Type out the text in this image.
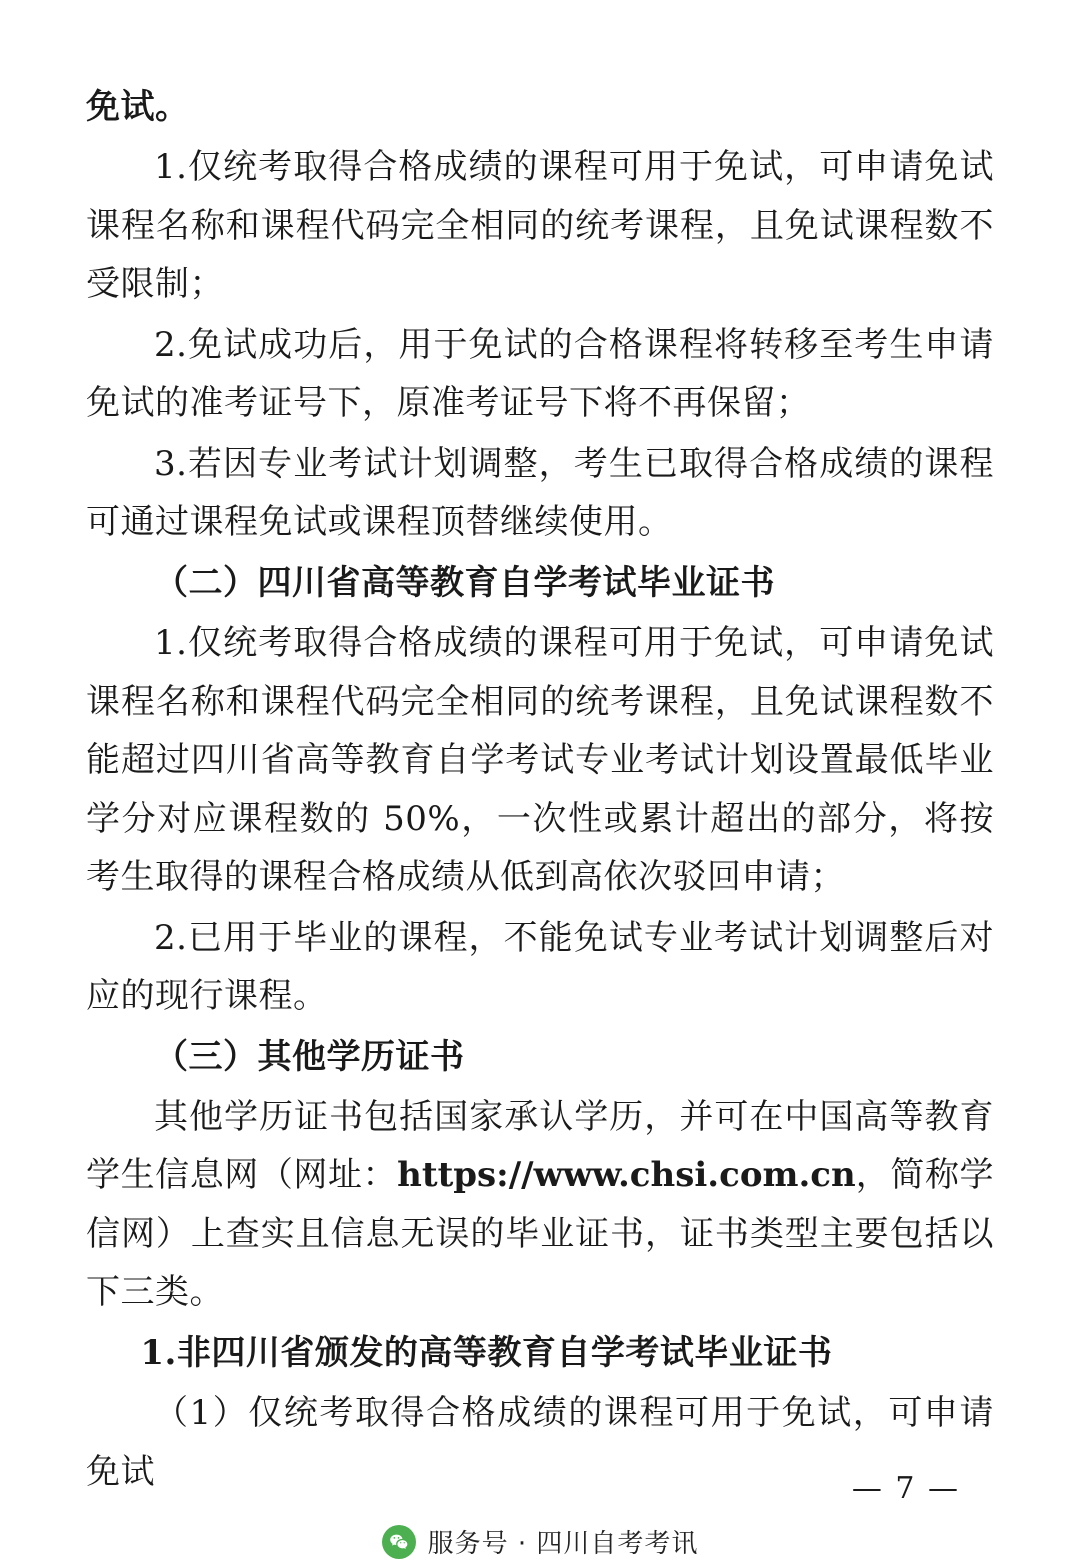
免试。

1.仅统考取得合格成绩的课程可用于免试，可申请免试课程名称和课程代码完全相同的统考课程，且免试课程数不受限制；

2.免试成功后，用于免试的合格课程将转移至考生申请免试的准考证号下，原准考证号下将不再保留；

3.若因专业考试计划调整，考生已取得合格成绩的课程可通过课程免试或课程顶替继续使用。

（二）四川省高等教育自学考试毕业证书

1.仅统考取得合格成绩的课程可用于免试，可申请免试课程名称和课程代码完全相同的统考课程，且免试课程数不能超过四川省高等教育自学考试专业考试计划设置最低毕业学分对应课程数的 50%，一次性或累计超出的部分，将按考生取得的课程合格成绩从低到高依次驳回申请；

2.已用于毕业的课程，不能免试专业考试计划调整后对应的现行课程。

（三）其他学历证书

其他学历证书包括国家承认学历，并可在中国高等教育学生信息网（网址：https://www.chsi.com.cn，简称学信网）上查实且信息无误的毕业证书，证书类型主要包括以下三类。

1.非四川省颁发的高等教育自学考试毕业证书

（1）仅统考取得合格成绩的课程可用于免试，可申请免试	— 7 —
服务号 · 四川自考考讯
